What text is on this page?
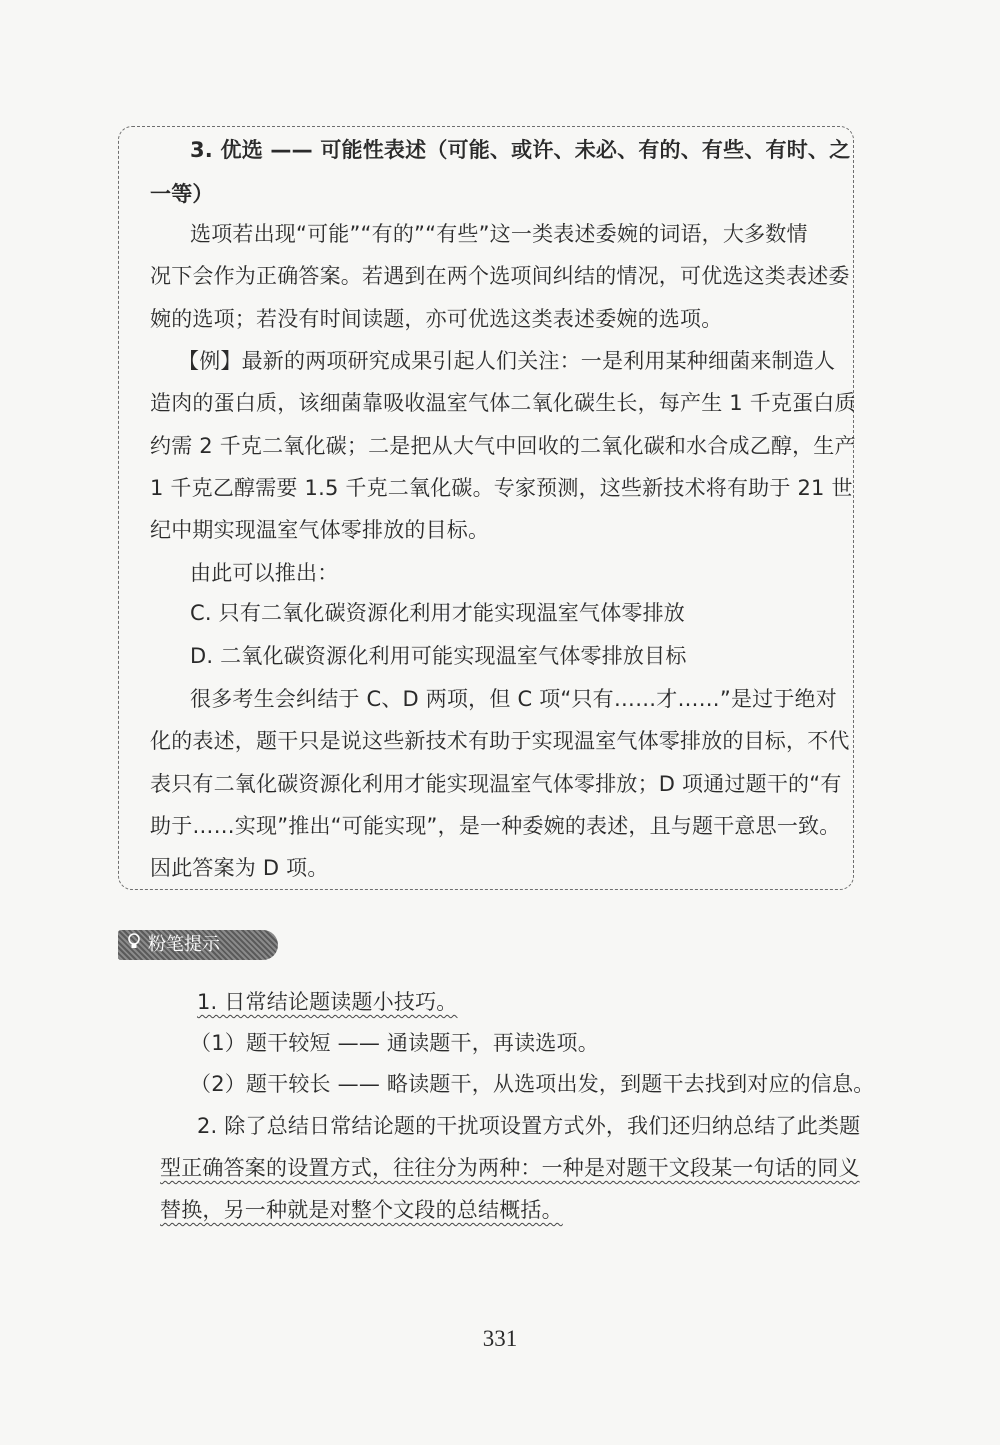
3. 优选 —— 可能性表述（可能、或许、未必、有的、有些、有时、之
一等）
选项若出现“可能”“有的”“有些”这一类表述委婉的词语，大多数情
况下会作为正确答案。若遇到在两个选项间纠结的情况，可优选这类表述委
婉的选项；若没有时间读题，亦可优选这类表述委婉的选项。
【例】最新的两项研究成果引起人们关注：一是利用某种细菌来制造人
造肉的蛋白质，该细菌靠吸收温室气体二氧化碳生长，每产生 1 千克蛋白质
约需 2 千克二氧化碳；二是把从大气中回收的二氧化碳和水合成乙醇，生产
1 千克乙醇需要 1.5 千克二氧化碳。专家预测，这些新技术将有助于 21 世
纪中期实现温室气体零排放的目标。
由此可以推出：
C. 只有二氧化碳资源化利用才能实现温室气体零排放
D. 二氧化碳资源化利用可能实现温室气体零排放目标
很多考生会纠结于 C、D 两项，但 C 项“只有……才……”是过于绝对
化的表述，题干只是说这些新技术有助于实现温室气体零排放的目标，不代
表只有二氧化碳资源化利用才能实现温室气体零排放；D 项通过题干的“有
助于……实现”推出“可能实现”，是一种委婉的表述，且与题干意思一致。
因此答案为 D 项。
粉笔提示
1. 日常结论题读题小技巧。
（1）题干较短 —— 通读题干，再读选项。
（2）题干较长 —— 略读题干，从选项出发，到题干去找到对应的信息。
2. 除了总结日常结论题的干扰项设置方式外，我们还归纳总结了此类题
型正确答案的设置方式，往往分为两种：一种是对题干文段某一句话的同义
替换，另一种就是对整个文段的总结概括。
331
